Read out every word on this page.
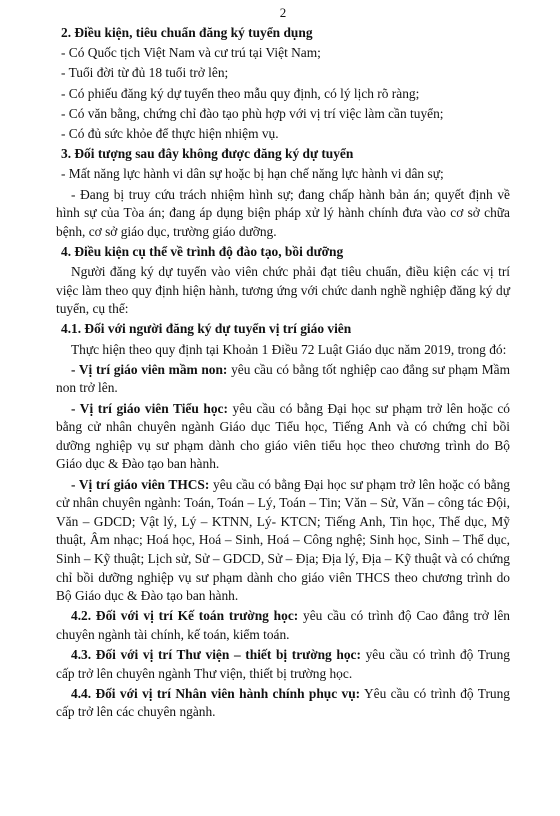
2

2. Điều kiện, tiêu chuẩn đăng ký tuyển dụng

- Có Quốc tịch Việt Nam và cư trú tại Việt Nam;

- Tuổi đời từ đủ 18 tuổi trở lên;

- Có phiếu đăng ký dự tuyển theo mẫu quy định, có lý lịch rõ ràng;

- Có văn bằng, chứng chỉ đào tạo phù hợp với vị trí việc làm cần tuyển;

- Có đủ sức khỏe để thực hiện nhiệm vụ.

3. Đối tượng sau đây không được đăng ký dự tuyển

- Mất năng lực hành vi dân sự hoặc bị hạn chế năng lực hành vi dân sự;

- Đang bị truy cứu trách nhiệm hình sự; đang chấp hành bản án; quyết định về hình sự của Tòa án; đang áp dụng biện pháp xử lý hành chính đưa vào cơ sở chữa bệnh, cơ sở giáo dục, trường giáo dưỡng.

4. Điều kiện cụ thể về trình độ đào tạo, bồi dưỡng

Người đăng ký dự tuyển vào viên chức phải đạt tiêu chuẩn, điều kiện các vị trí việc làm theo quy định hiện hành, tương ứng với chức danh nghề nghiệp đăng ký dự tuyển, cụ thể:

4.1. Đối với người đăng ký dự tuyển vị trí giáo viên

Thực hiện theo quy định tại Khoản 1 Điều 72 Luật Giáo dục năm 2019, trong đó:

- Vị trí giáo viên mầm non: yêu cầu có bằng tốt nghiệp cao đẳng sư phạm Mầm non trở lên.

- Vị trí giáo viên Tiểu học: yêu cầu có bằng Đại học sư phạm trở lên hoặc có bằng cử nhân chuyên ngành Giáo dục Tiểu học, Tiếng Anh và có chứng chỉ bồi dưỡng nghiệp vụ sư phạm dành cho giáo viên tiểu học theo chương trình do Bộ Giáo dục & Đào tạo ban hành.

- Vị trí giáo viên THCS: yêu cầu có bằng Đại học sư phạm trở lên hoặc có bằng cử nhân chuyên ngành: Toán, Toán – Lý, Toán – Tin; Văn – Sử, Văn – công tác Đội, Văn – GDCD; Vật lý, Lý – KTNN, Lý- KTCN; Tiếng Anh, Tin học, Thể dục, Mỹ thuật, Âm nhạc; Hoá học, Hoá – Sinh, Hoá – Công nghệ; Sinh học, Sinh – Thể dục, Sinh – Kỹ thuật; Lịch sử, Sử – GDCD, Sử – Địa; Địa lý, Địa – Kỹ thuật và có chứng chỉ bồi dưỡng nghiệp vụ sư phạm dành cho giáo viên THCS theo chương trình do Bộ Giáo dục & Đào tạo ban hành.

4.2. Đối với vị trí Kế toán trường học: yêu cầu có trình độ Cao đẳng trở lên chuyên ngành tài chính, kế toán, kiểm toán.

4.3. Đối với vị trí Thư viện – thiết bị trường học: yêu cầu có trình độ Trung cấp trở lên chuyên ngành Thư viện, thiết bị trường học.

4.4. Đối với vị trí Nhân viên hành chính phục vụ: Yêu cầu có trình độ Trung cấp trở lên các chuyên ngành.
